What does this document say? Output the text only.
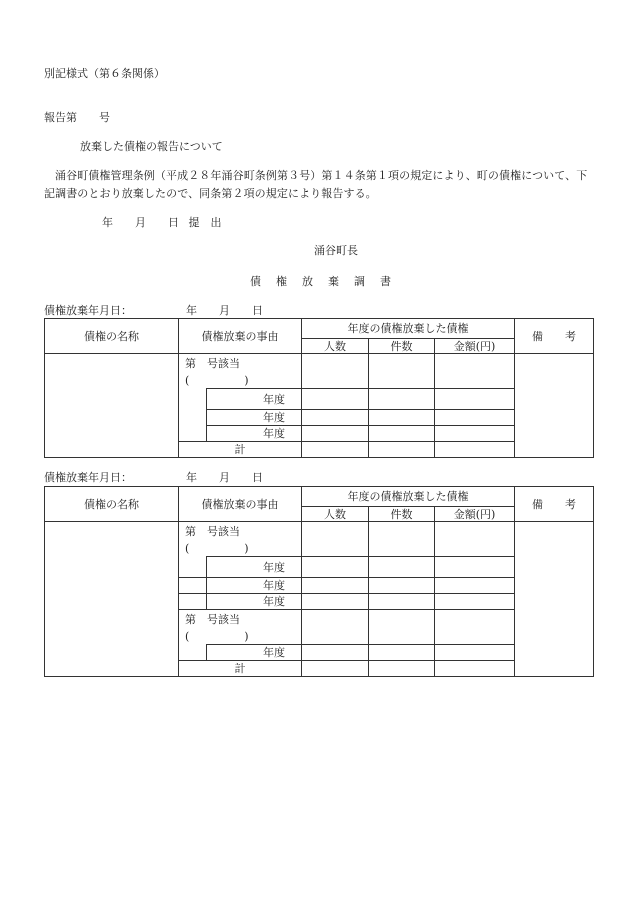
別記様式（第６条関係）
報告第　　号
放棄した債権の報告について
涌谷町債権管理条例（平成２８年涌谷町条例第３号）第１４条第１項の規定により、町の債権について、下記調書のとおり放棄したので、同条第２項の規定により報告する。
年　　月　　日 提　出
涌谷町長
債　権　放　棄　調　書
債権放棄年月日：	年　　月　　日
債権の名称	債権放棄の事由		年度の債権放棄した債権			備　　考
			人数	件数	金額(円)	

	第　号該当
(　　　　　)					

		年度				
		年度				
		年度				
	計					
債権放棄年月日：	年　　月　　日
債権の名称	債権放棄の事由		年度の債権放棄した債権			備　　考
			人数	件数	金額(円)	

	第　号該当
(　　　　　)					

		年度				
		年度				
		年度				

	第　号該当
(　　　　　)					

		年度				
	計					
